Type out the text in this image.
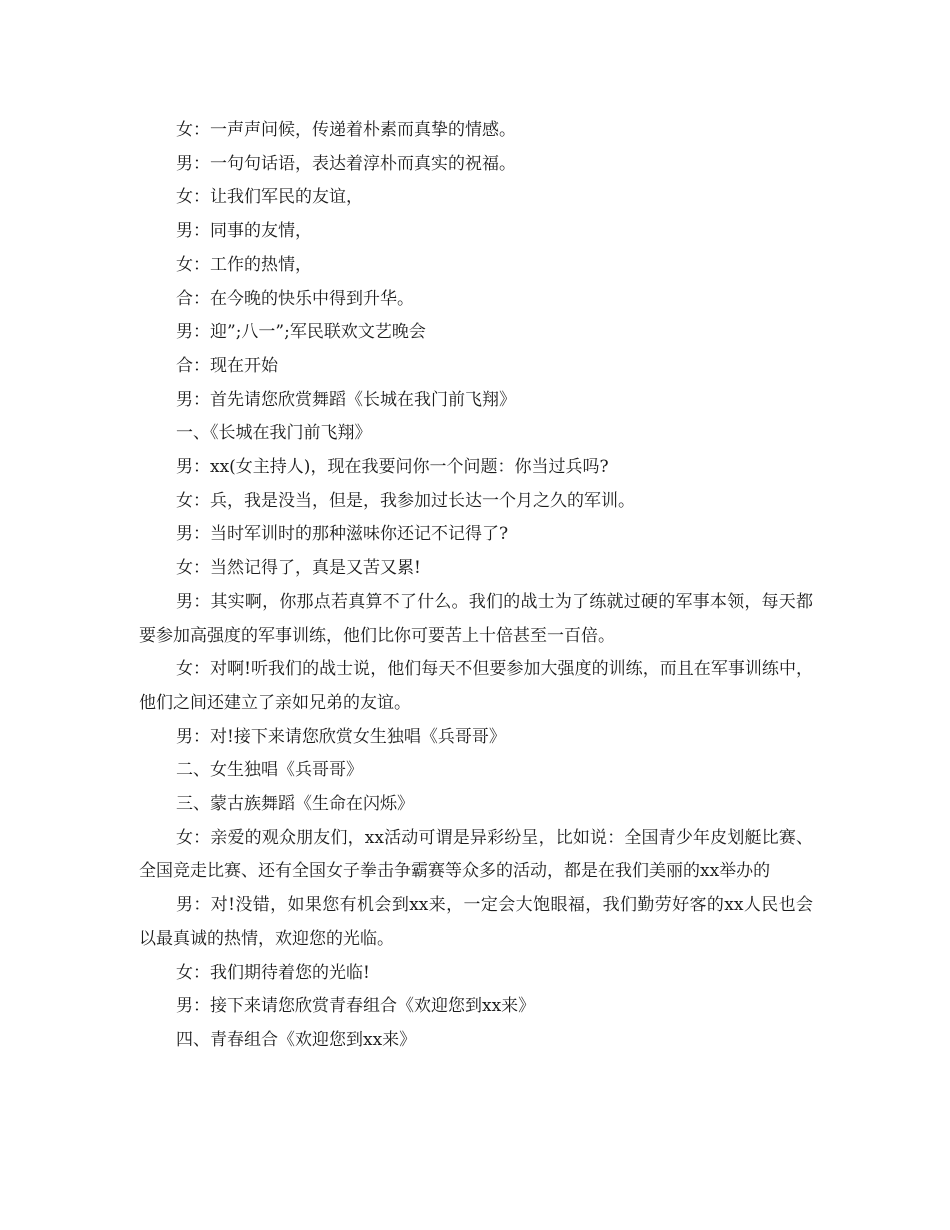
女：一声声问候，传递着朴素而真挚的情感。

男：一句句话语，表达着淳朴而真实的祝福。

女：让我们军民的友谊，

男：同事的友情，

女：工作的热情，

合：在今晚的快乐中得到升华。

男：迎”;八一”;军民联欢文艺晚会

合：现在开始

男：首先请您欣赏舞蹈《长城在我门前飞翔》

一、《长城在我门前飞翔》

男：xx(女主持人)，现在我要问你一个问题：你当过兵吗?

女：兵，我是没当，但是，我参加过长达一个月之久的军训。

男：当时军训时的那种滋味你还记不记得了?

女：当然记得了，真是又苦又累!

男：其实啊，你那点若真算不了什么。我们的战士为了练就过硬的军事本领，每天都要参加高强度的军事训练，他们比你可要苦上十倍甚至一百倍。

女：对啊!听我们的战士说，他们每天不但要参加大强度的训练，而且在军事训练中，他们之间还建立了亲如兄弟的友谊。

男：对!接下来请您欣赏女生独唱《兵哥哥》

二、女生独唱《兵哥哥》

三、蒙古族舞蹈《生命在闪烁》

女：亲爱的观众朋友们，xx活动可谓是异彩纷呈，比如说：全国青少年皮划艇比赛、全国竞走比赛、还有全国女子拳击争霸赛等众多的活动，都是在我们美丽的xx举办的

男：对!没错，如果您有机会到xx来，一定会大饱眼福，我们勤劳好客的xx人民也会以最真诚的热情，欢迎您的光临。

女：我们期待着您的光临!

男：接下来请您欣赏青春组合《欢迎您到xx来》

四、青春组合《欢迎您到xx来》
